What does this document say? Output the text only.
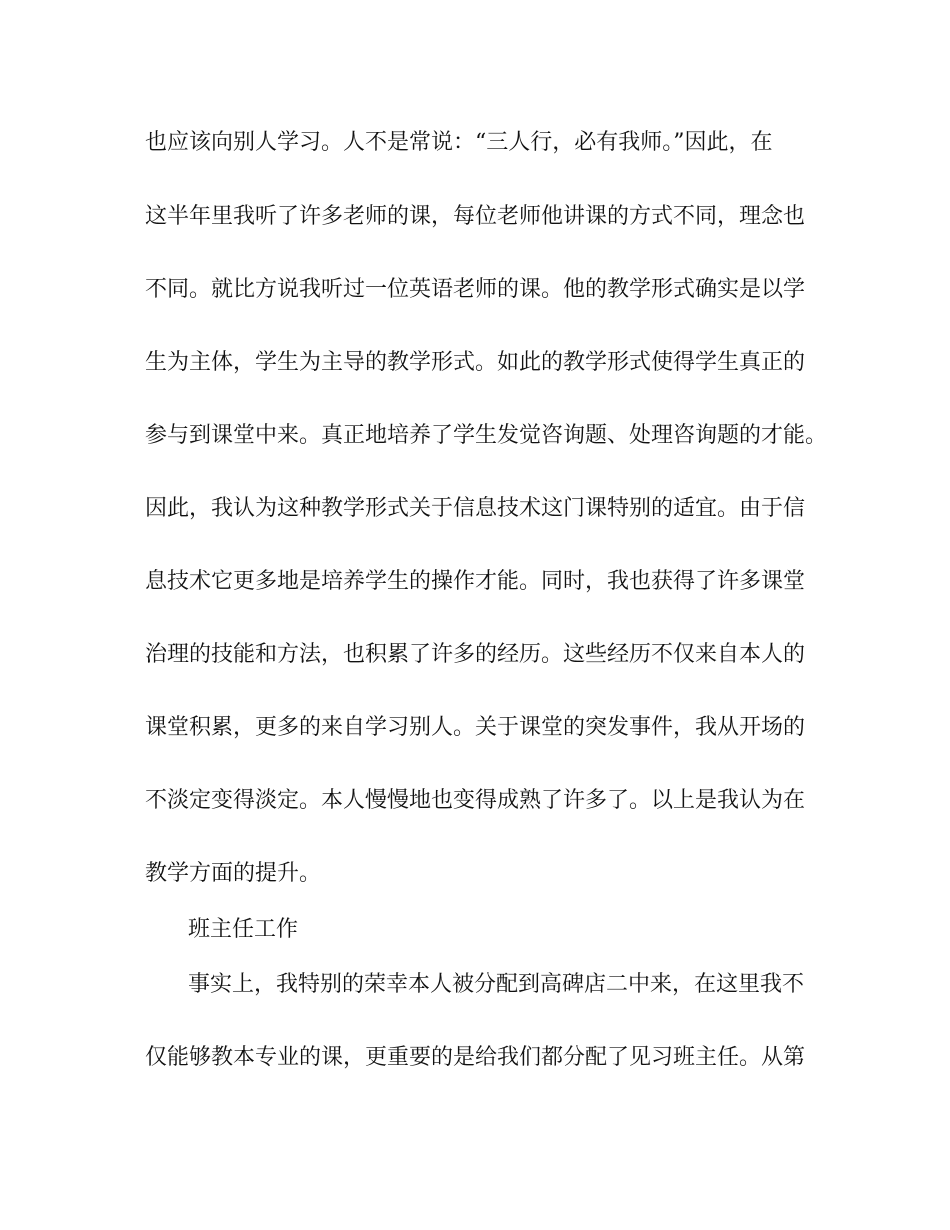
也应该向别人学习。人不是常说：“三人行，必有我师。”因此，在
这半年里我听了许多老师的课，每位老师他讲课的方式不同，理念也
不同。就比方说我听过一位英语老师的课。他的教学形式确实是以学
生为主体，学生为主导的教学形式。如此的教学形式使得学生真正的
参与到课堂中来。真正地培养了学生发觉咨询题、处理咨询题的才能。
因此，我认为这种教学形式关于信息技术这门课特别的适宜。由于信
息技术它更多地是培养学生的操作才能。同时，我也获得了许多课堂
治理的技能和方法，也积累了许多的经历。这些经历不仅来自本人的
课堂积累，更多的来自学习别人。关于课堂的突发事件，我从开场的
不淡定变得淡定。本人慢慢地也变得成熟了许多了。以上是我认为在
教学方面的提升。
班主任工作
事实上，我特别的荣幸本人被分配到高碑店二中来，在这里我不
仅能够教本专业的课，更重要的是给我们都分配了见习班主任。从第
